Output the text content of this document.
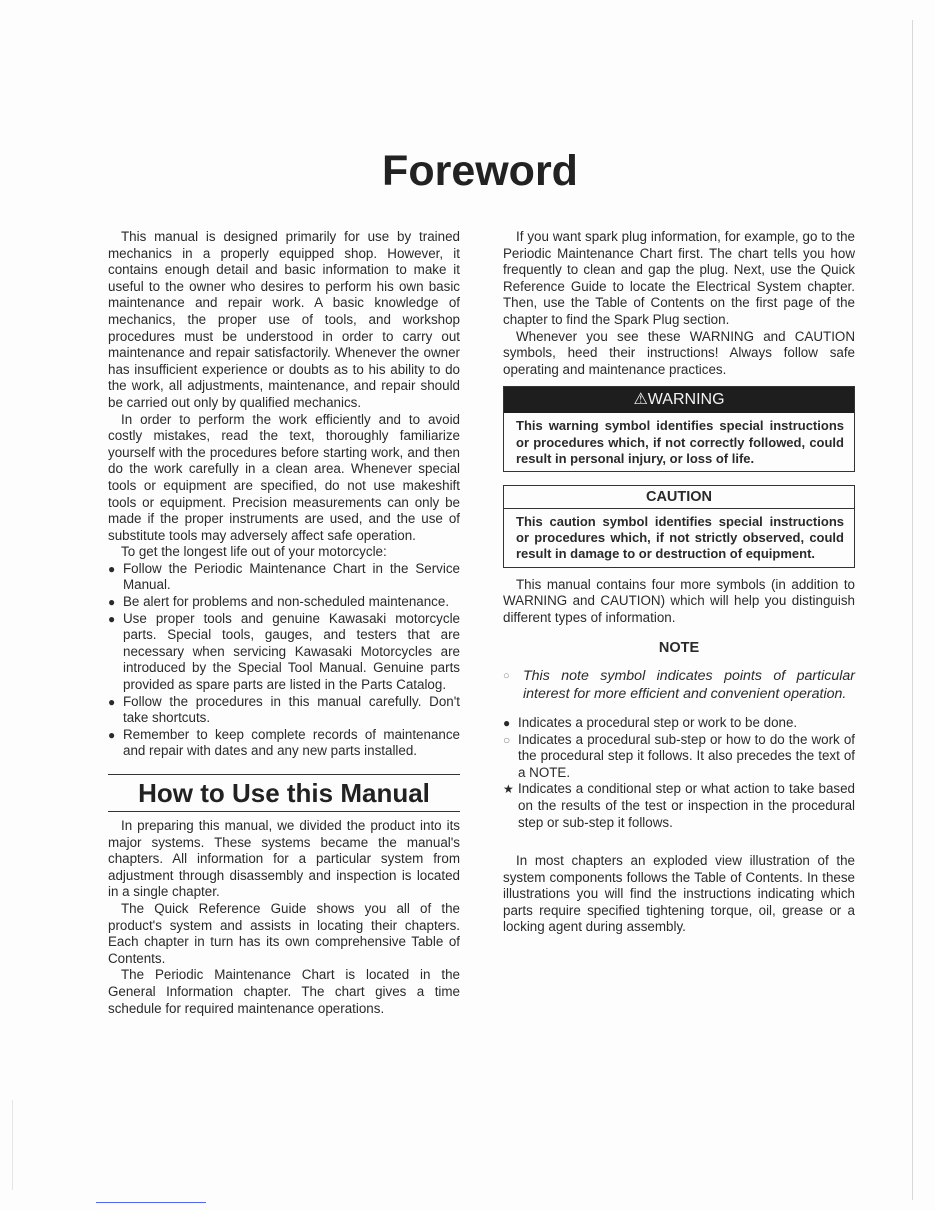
Foreword

This manual is designed primarily for use by trained mechanics in a properly equipped shop. However, it contains enough detail and basic information to make it useful to the owner who desires to perform his own basic maintenance and repair work. A basic knowledge of mechanics, the proper use of tools, and workshop procedures must be understood in order to carry out maintenance and repair satisfactorily. Whenever the owner has insufficient experience or doubts as to his ability to do the work, all adjustments, maintenance, and repair should be carried out only by qualified mechanics.

In order to perform the work efficiently and to avoid costly mistakes, read the text, thoroughly familiarize yourself with the procedures before starting work, and then do the work carefully in a clean area. Whenever special tools or equipment are specified, do not use makeshift tools or equipment. Precision measurements can only be made if the proper instruments are used, and the use of substitute tools may adversely affect safe operation.

To get the longest life out of your motorcycle:

● Follow the Periodic Maintenance Chart in the Service Manual.
● Be alert for problems and non-scheduled maintenance.
● Use proper tools and genuine Kawasaki motorcycle parts. Special tools, gauges, and testers that are necessary when servicing Kawasaki Motorcycles are introduced by the Special Tool Manual. Genuine parts provided as spare parts are listed in the Parts Catalog.
● Follow the procedures in this manual carefully. Don't take shortcuts.
● Remember to keep complete records of maintenance and repair with dates and any new parts installed.
How to Use this Manual

In preparing this manual, we divided the product into its major systems. These systems became the manual's chapters. All information for a particular system from adjustment through disassembly and inspection is located in a single chapter.

The Quick Reference Guide shows you all of the product's system and assists in locating their chapters. Each chapter in turn has its own comprehensive Table of Contents.

The Periodic Maintenance Chart is located in the General Information chapter. The chart gives a time schedule for required maintenance operations.

If you want spark plug information, for example, go to the Periodic Maintenance Chart first. The chart tells you how frequently to clean and gap the plug. Next, use the Quick Reference Guide to locate the Electrical System chapter. Then, use the Table of Contents on the first page of the chapter to find the Spark Plug section.

Whenever you see these WARNING and CAUTION symbols, heed their instructions! Always follow safe operating and maintenance practices.

⚠WARNING
This warning symbol identifies special instructions or procedures which, if not correctly followed, could result in personal injury, or loss of life.
CAUTION
This caution symbol identifies special instructions or procedures which, if not strictly observed, could result in damage to or destruction of equipment.

This manual contains four more symbols (in addition to WARNING and CAUTION) which will help you distinguish different types of information.

NOTE
○ This note symbol indicates points of particular interest for more efficient and convenient operation.
● Indicates a procedural step or work to be done.
○ Indicates a procedural sub-step or how to do the work of the procedural step it follows. It also precedes the text of a NOTE.
★ Indicates a conditional step or what action to take based on the results of the test or inspection in the procedural step or sub-step it follows.

In most chapters an exploded view illustration of the system components follows the Table of Contents. In these illustrations you will find the instructions indicating which parts require specified tightening torque, oil, grease or a locking agent during assembly.
